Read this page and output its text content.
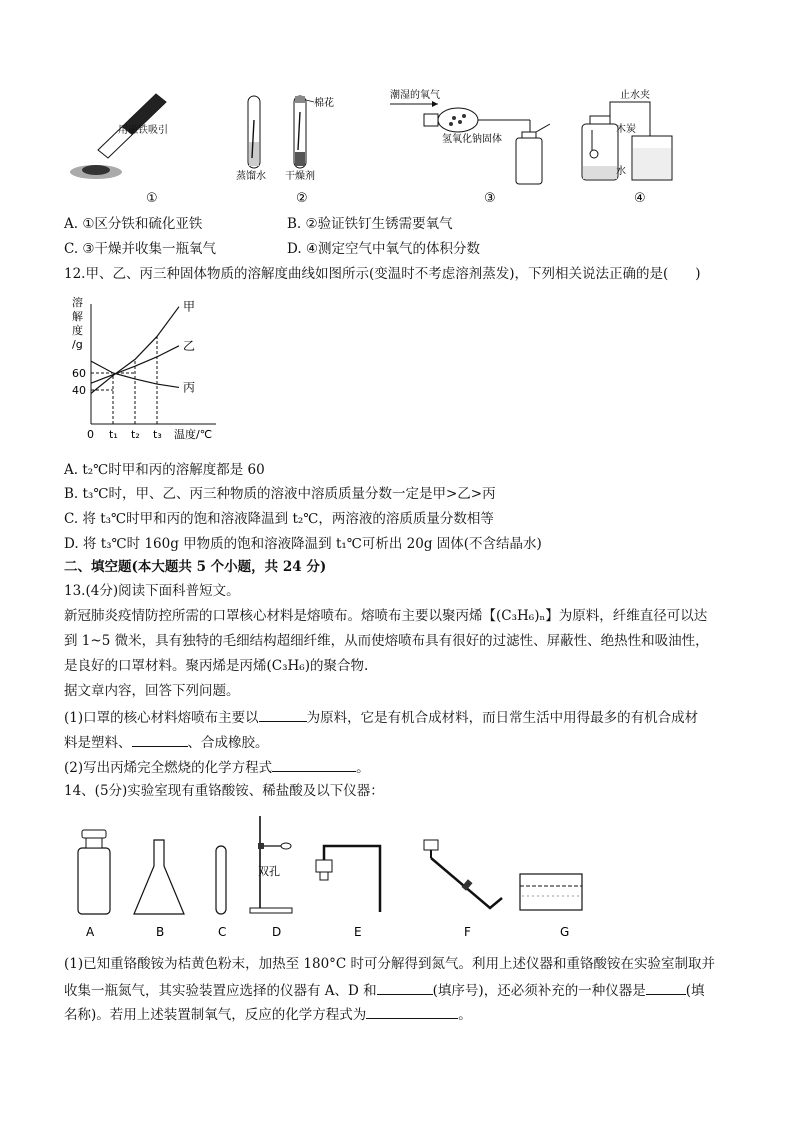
用磁铁吸引
棉花
蒸馏水 干燥剂
潮湿的氧气
氢氧化钠固体
止水夹
木炭
水
①	②	③	④
A. ①区分铁和硫化亚铁	B. ②验证铁钉生锈需要氧气
C. ③干燥并收集一瓶氧气	D. ④测定空气中氧气的体积分数
12.甲、乙、丙三种固体物质的溶解度曲线如图所示(变温时不考虑溶剂蒸发)，下列相关说法正确的是(　　)
溶
解
度
/g
40
60
0 t₁ t₂ t₃
甲
乙
丙
温度/℃
A. t₂℃时甲和丙的溶解度都是 60
B. t₃℃时，甲、乙、丙三种物质的溶液中溶质质量分数一定是甲>乙>丙
C. 将 t₃℃时甲和丙的饱和溶液降温到 t₂℃，两溶液的溶质质量分数相等
D. 将 t₃℃时 160g 甲物质的饱和溶液降温到 t₁℃可析出 20g 固体(不含结晶水)
二、填空题(本大题共 5 个小题，共 24 分)
13.(4分)阅读下面科普短文。
新冠肺炎疫情防控所需的口罩核心材料是熔喷布。熔喷布主要以聚丙烯【(C₃H₆)ₙ】为原料，纤维直径可以达
到 1~5 微米，具有独特的毛细结构超细纤维，从而使熔喷布具有很好的过滤性、屏蔽性、绝热性和吸油性，
是良好的口罩材料。聚丙烯是丙烯(C₃H₆)的聚合物.
据文章内容，回答下列问题。
(1)口罩的核心材料熔喷布主要以	为原料，它是有机合成材料，而日常生活中用得最多的有机合成材
料是塑料、	、合成橡胶。
(2)写出丙烯完全燃烧的化学方程式	。
14、(5分)实验室现有重铬酸铵、稀盐酸及以下仪器：
双孔
A	B	C	D	E	F	G
(1)已知重铬酸铵为桔黄色粉末，加热至 180°C 时可分解得到氮气。利用上述仪器和重铬酸铵在实验室制取并
收集一瓶氮气，其实验装置应选择的仪器有 A、D 和	(填序号)，还必须补充的一种仪器是	(填
名称)。若用上述装置制氧气，反应的化学方程式为	。
